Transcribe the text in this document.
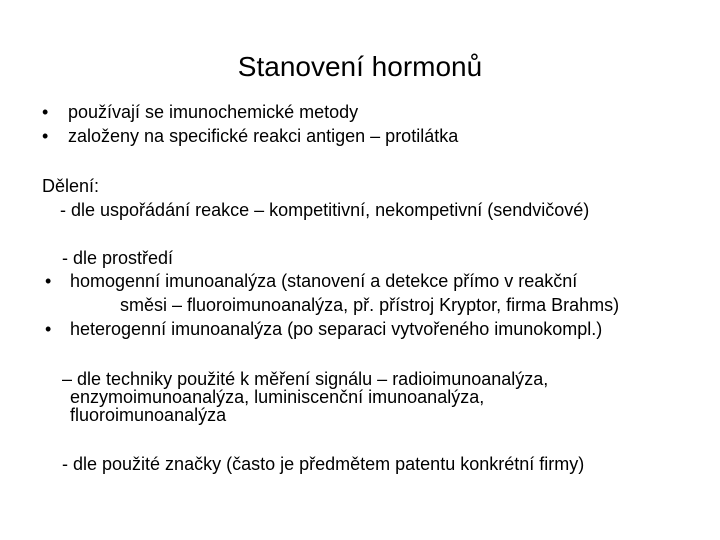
Stanovení hormonů
• používají se imunochemické metody
• založeny na specifické reakci antigen – protilátka
Dělení:
- dle uspořádání reakce – kompetitivní, nekompetivní (sendvičové)
- dle prostředí
• homogenní imunoanalýza (stanovení a detekce přímo v reakční
směsi – fluoroimunoanalýza, př. přístroj Kryptor, firma Brahms)
• heterogenní imunoanalýza (po separaci vytvořeného imunokompl.)
– dle techniky použité k měření signálu – radioimunoanalýza,
enzymoimunoanalýza, luminiscenční imunoanalýza,
fluoroimunoanalýza
- dle použité značky (často je předmětem patentu konkrétní firmy)
